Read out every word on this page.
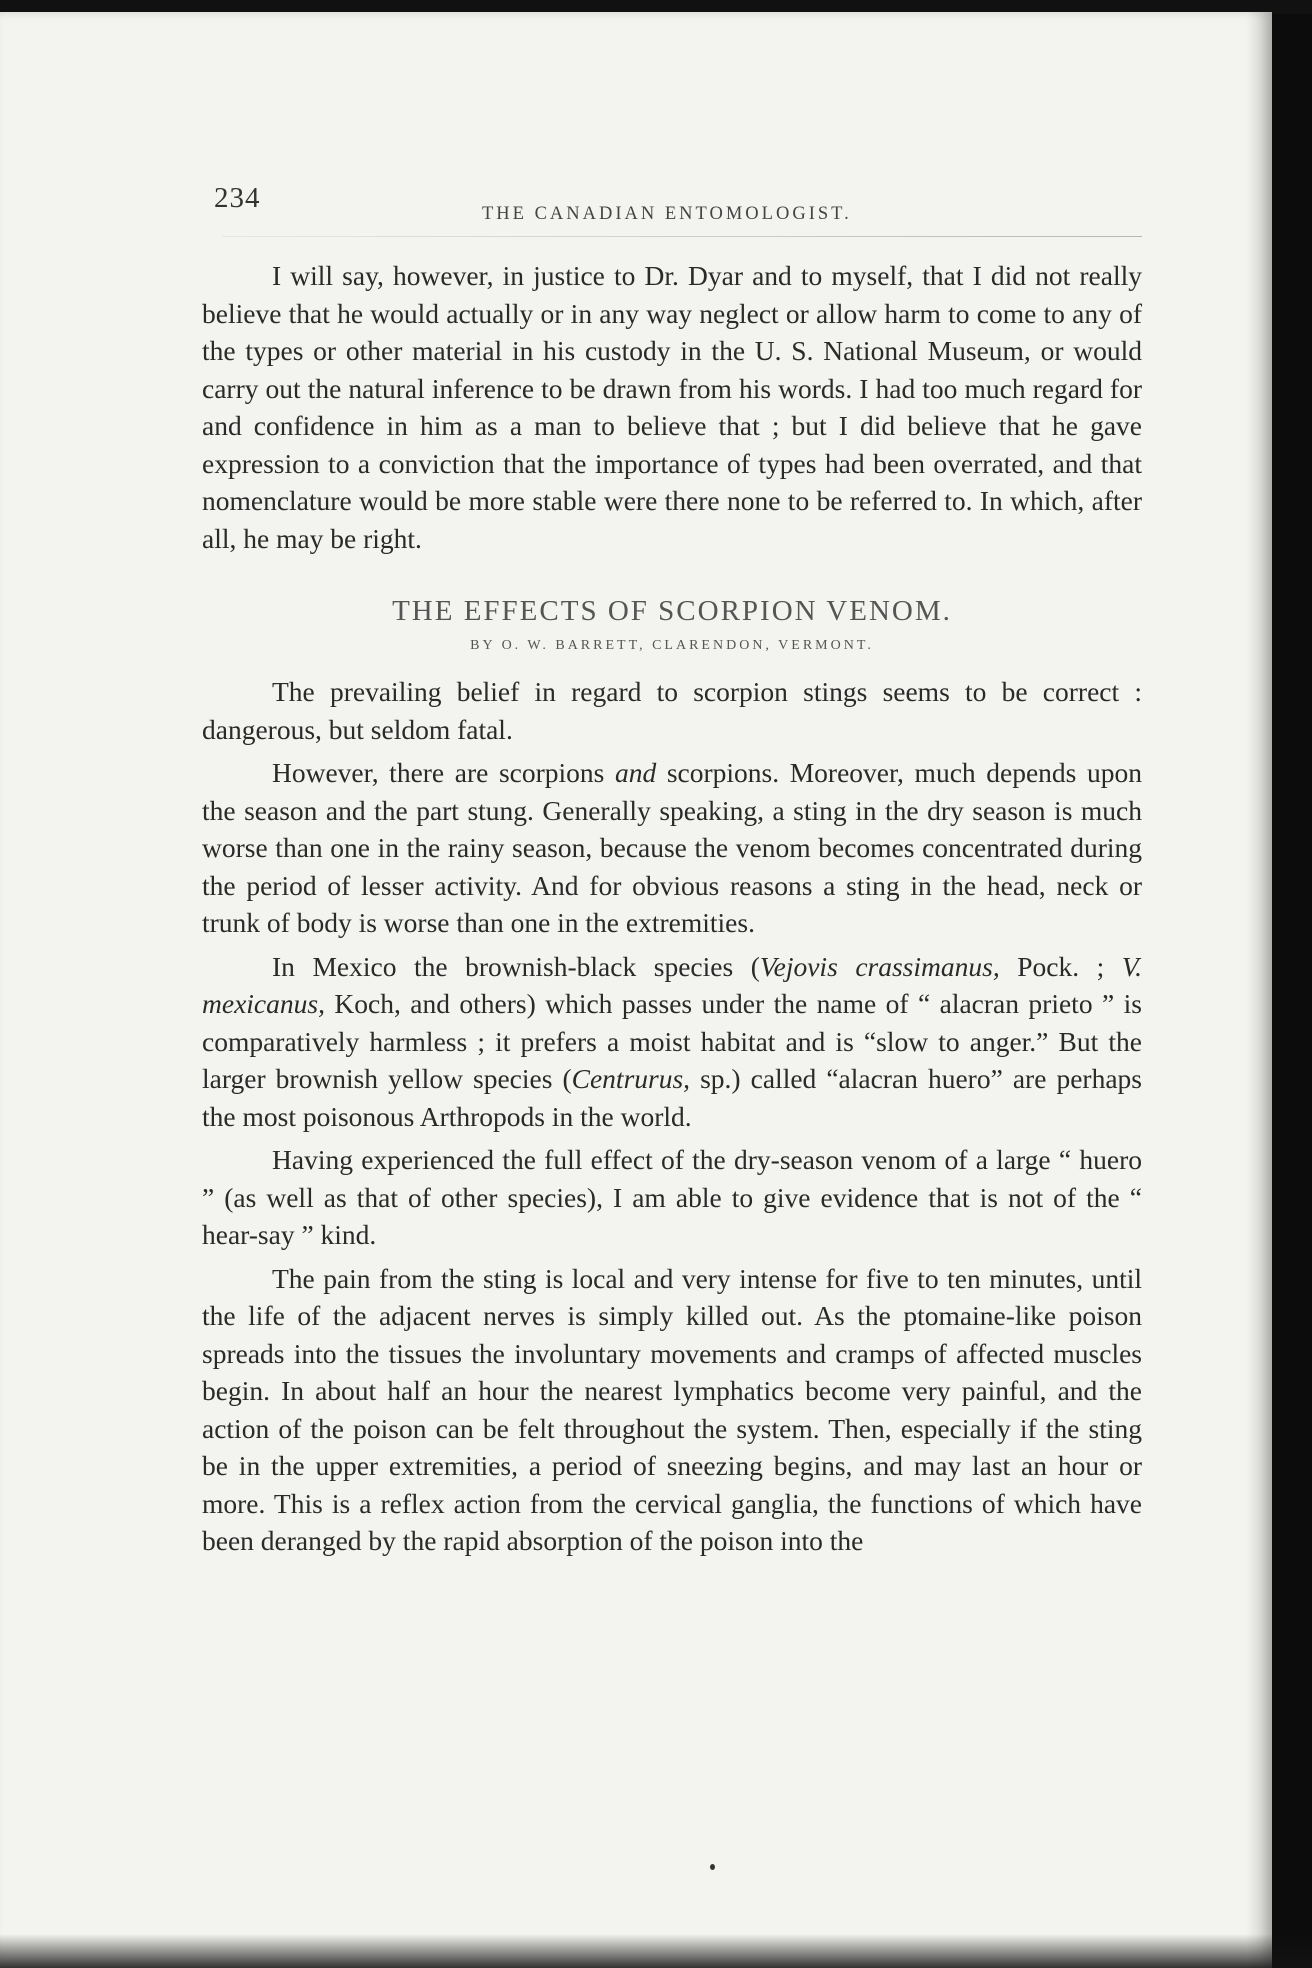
234	THE CANADIAN ENTOMOLOGIST.

I will say, however, in justice to Dr. Dyar and to myself, that I did not really believe that he would actually or in any way neglect or allow harm to come to any of the types or other material in his custody in the U. S. National Museum, or would carry out the natural inference to be drawn from his words. I had too much regard for and confidence in him as a man to believe that ; but I did believe that he gave expression to a conviction that the importance of types had been overrated, and that nomenclature would be more stable were there none to be referred to. In which, after all, he may be right.

THE EFFECTS OF SCORPION VENOM.
BY O. W. BARRETT, CLARENDON, VERMONT.

The prevailing belief in regard to scorpion stings seems to be correct : dangerous, but seldom fatal.

However, there are scorpions and scorpions. Moreover, much depends upon the season and the part stung. Generally speaking, a sting in the dry season is much worse than one in the rainy season, because the venom becomes concentrated during the period of lesser activity. And for obvious reasons a sting in the head, neck or trunk of body is worse than one in the extremities.

In Mexico the brownish-black species (Vejovis crassimanus, Pock. ; V. mexicanus, Koch, and others) which passes under the name of “ alacran prieto ” is comparatively harmless ; it prefers a moist habitat and is “slow to anger.” But the larger brownish yellow species (Centrurus, sp.) called “alacran huero” are perhaps the most poisonous Arthropods in the world.

Having experienced the full effect of the dry-season venom of a large “ huero ” (as well as that of other species), I am able to give evidence that is not of the “ hear-say ” kind.

The pain from the sting is local and very intense for five to ten minutes, until the life of the adjacent nerves is simply killed out. As the ptomaine-like poison spreads into the tissues the involuntary movements and cramps of affected muscles begin. In about half an hour the nearest lymphatics become very painful, and the action of the poison can be felt throughout the system. Then, especially if the sting be in the upper extremities, a period of sneezing begins, and may last an hour or more. This is a reflex action from the cervical ganglia, the functions of which have been deranged by the rapid absorption of the poison into the
